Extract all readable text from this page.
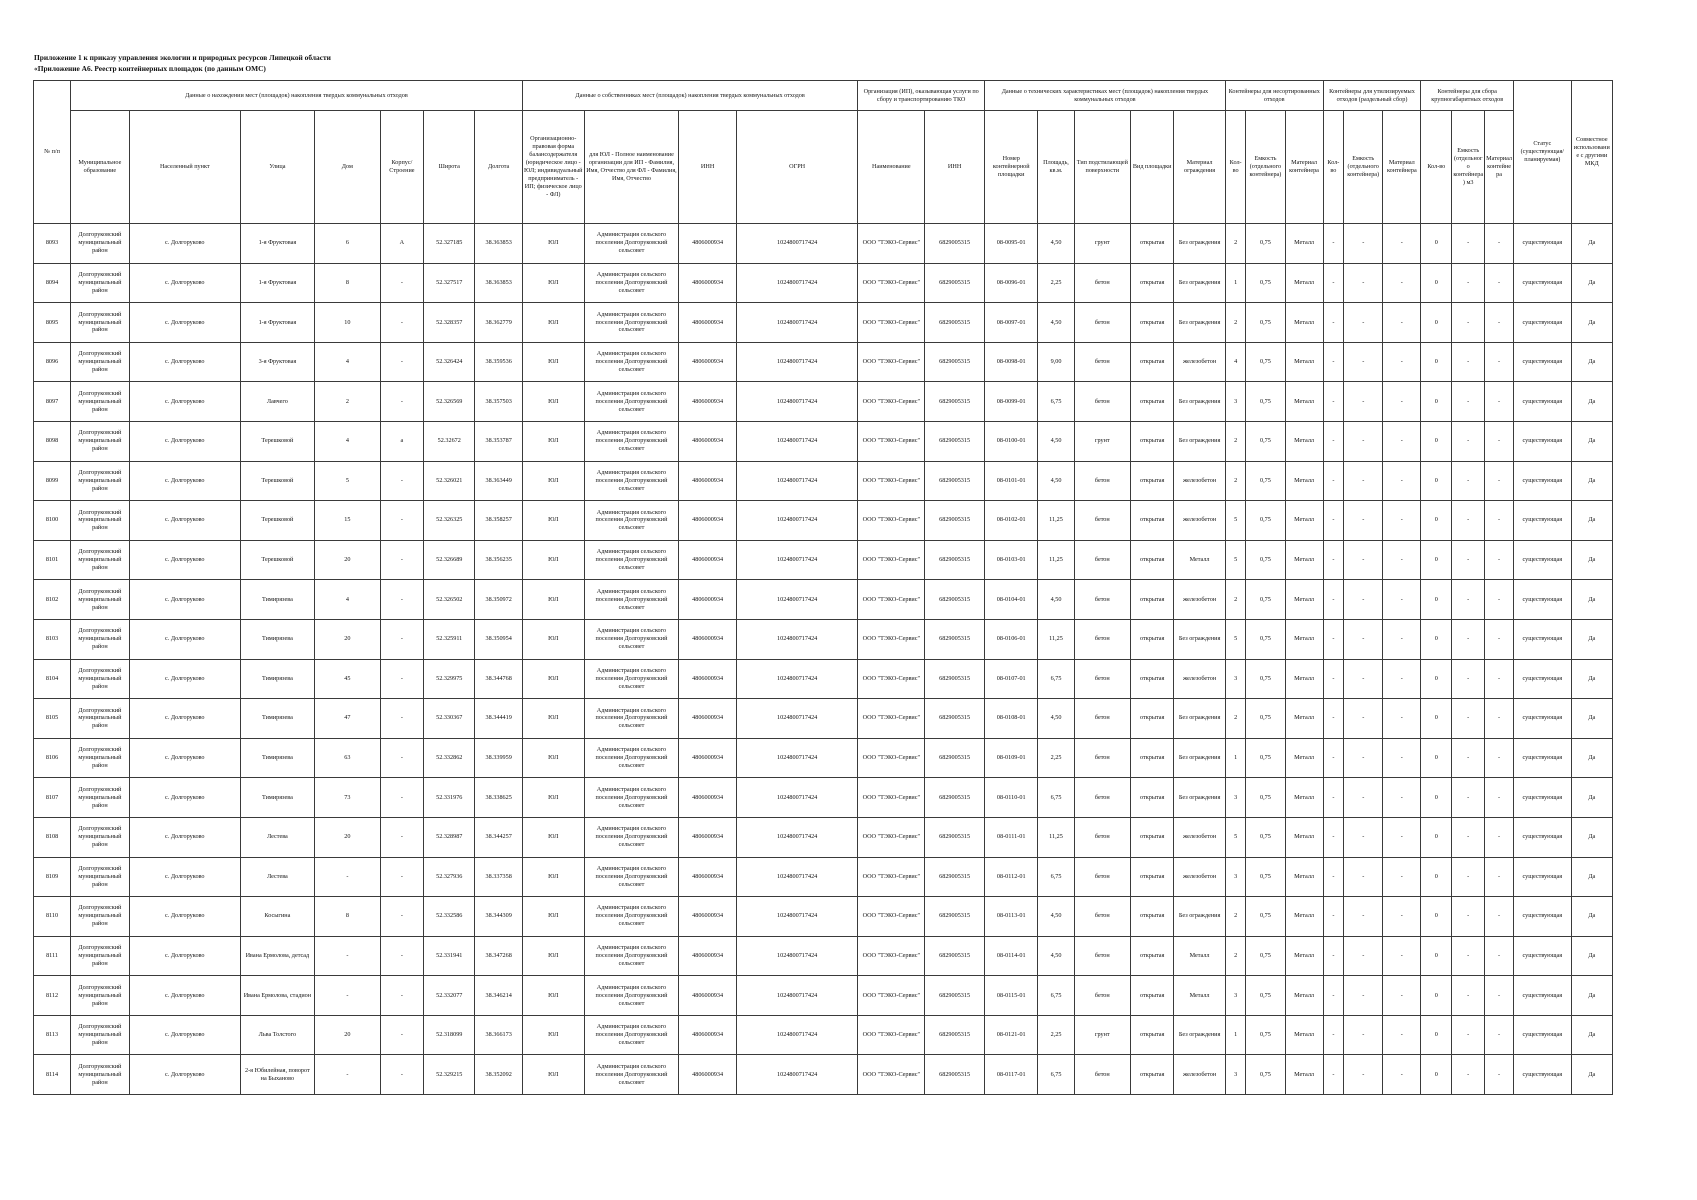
Приложение 1 к приказу управления экологии и природных ресурсов Липецкой области
«Приложение А6. Реестр контейнерных площадок (по данным ОМС)
№ п/п	Данные о нахождении мест (площадок) накопления твердых коммунальных отходов							Данные о собственниках мест (площадок) накопления твердых коммунальных отходов				Организация (ИП), оказывающая услуги по сбору и транспортированию ТКО		Данные о технических характеристиках мест (площадок) накопления твердых коммунальных отходов					Контейнеры для несортированных отходов			Контейнеры для утилизируемых отходов (раздельный сбор)			Контейнеры для сбора крупногабаритных отходов			Статус (существующая/планируемая)	Совместное использование с другими МКД
	Муниципальное образование	Населенный пункт	Улица	Дом	Корпус/Строение	Широта	Долгота	Организационно-правовая форма балансодержателя (юридическое лицо - ЮЛ; индивидуальный предприниматель - ИП; физическое лицо - ФЛ)	для ЮЛ - Полное наименование организации для ИП - Фамилия, Имя, Отчество для ФЛ - Фамилия, Имя, Отчество	ИНН	ОГРН	Наименование	ИНН	Номер контейнерной площадки	Площадь, кв.м.	Тип подстилающей поверхности	Вид площадки	Материал ограждения	Кол-во	Емкость (отдельного контейнера)	Материал контейнера	Кол-во	Емкость (отдельного контейнера)	Материал контейнера	Кол-во	Емкость (отдельного контейнера) м3	Материал контейнера		
8093	Долгоруковский муниципальный район	с. Долгоруково	1-я Фруктовая	6	А	52.327185	38.363853	ЮЛ	Администрация сельского поселения Долгоруковский сельсовет	4806000934	1024800717424	ООО "ТЭКО-Сервис"	6829005315	08-0095-01	4,50	грунт	открытая	Без ограждения	2	0,75	Металл	-	-	-	0	-	-	существующая	Да
8094	Долгоруковский муниципальный район	с. Долгоруково	1-я Фруктовая	8	-	52.327517	38.363853	ЮЛ	Администрация сельского поселения Долгоруковский сельсовет	4806000934	1024800717424	ООО "ТЭКО-Сервис"	6829005315	08-0096-01	2,25	бетон	открытая	Без ограждения	1	0,75	Металл	-	-	-	0	-	-	существующая	Да
8095	Долгоруковский муниципальный район	с. Долгоруково	1-я Фруктовая	10	-	52.328357	38.362779	ЮЛ	Администрация сельского поселения Долгоруковский сельсовет	4806000934	1024800717424	ООО "ТЭКО-Сервис"	6829005315	08-0097-01	4,50	бетон	открытая	Без ограждения	2	0,75	Металл	-	-	-	0	-	-	существующая	Да
8096	Долгоруковский муниципальный район	с. Долгоруково	3-я Фруктовая	4	-	52.326424	38.359536	ЮЛ	Администрация сельского поселения Долгоруковский сельсовет	4806000934	1024800717424	ООО "ТЭКО-Сервис"	6829005315	08-0098-01	9,00	бетон	открытая	железобетон	4	0,75	Металл	-	-	-	0	-	-	существующая	Да
8097	Долгоруковский муниципальный район	с. Долгоруково	Лавчего	2	-	52.326569	38.357503	ЮЛ	Администрация сельского поселения Долгоруковский сельсовет	4806000934	1024800717424	ООО "ТЭКО-Сервис"	6829005315	08-0099-01	6,75	бетон	открытая	Без ограждения	3	0,75	Металл	-	-	-	0	-	-	существующая	Да
8098	Долгоруковский муниципальный район	с. Долгоруково	Терешковой	4	а	52.32672	38.353787	ЮЛ	Администрация сельского поселения Долгоруковский сельсовет	4806000934	1024800717424	ООО "ТЭКО-Сервис"	6829005315	08-0100-01	4,50	грунт	открытая	Без ограждения	2	0,75	Металл	-	-	-	0	-	-	существующая	Да
8099	Долгоруковский муниципальный район	с. Долгоруково	Терешковой	5	-	52.326021	38.363449	ЮЛ	Администрация сельского поселения Долгоруковский сельсовет	4806000934	1024800717424	ООО "ТЭКО-Сервис"	6829005315	08-0101-01	4,50	бетон	открытая	железобетон	2	0,75	Металл	-	-	-	0	-	-	существующая	Да
8100	Долгоруковский муниципальный район	с. Долгоруково	Терешковой	15	-	52.326325	38.358257	ЮЛ	Администрация сельского поселения Долгоруковский сельсовет	4806000934	1024800717424	ООО "ТЭКО-Сервис"	6829005315	08-0102-01	11,25	бетон	открытая	железобетон	5	0,75	Металл	-	-	-	0	-	-	существующая	Да
8101	Долгоруковский муниципальный район	с. Долгоруково	Терешковой	20	-	52.326689	38.356235	ЮЛ	Администрация сельского поселения Долгоруковский сельсовет	4806000934	1024800717424	ООО "ТЭКО-Сервис"	6829005315	08-0103-01	11,25	бетон	открытая	Металл	5	0,75	Металл	-	-	-	0	-	-	существующая	Да
8102	Долгоруковский муниципальный район	с. Долгоруково	Тимирязева	4	-	52.326502	38.350972	ЮЛ	Администрация сельского поселения Долгоруковский сельсовет	4806000934	1024800717424	ООО "ТЭКО-Сервис"	6829005315	08-0104-01	4,50	бетон	открытая	железобетон	2	0,75	Металл	-	-	-	0	-	-	существующая	Да
8103	Долгоруковский муниципальный район	с. Долгоруково	Тимирязева	20	-	52.325911	38.350954	ЮЛ	Администрация сельского поселения Долгоруковский сельсовет	4806000934	1024800717424	ООО "ТЭКО-Сервис"	6829005315	08-0106-01	11,25	бетон	открытая	Без ограждения	5	0,75	Металл	-	-	-	0	-	-	существующая	Да
8104	Долгоруковский муниципальный район	с. Долгоруково	Тимирязева	45	-	52.329975	38.344768	ЮЛ	Администрация сельского поселения Долгоруковский сельсовет	4806000934	1024800717424	ООО "ТЭКО-Сервис"	6829005315	08-0107-01	6,75	бетон	открытая	железобетон	3	0,75	Металл	-	-	-	0	-	-	существующая	Да
8105	Долгоруковский муниципальный район	с. Долгоруково	Тимирязева	47	-	52.330367	38.344419	ЮЛ	Администрация сельского поселения Долгоруковский сельсовет	4806000934	1024800717424	ООО "ТЭКО-Сервис"	6829005315	08-0108-01	4,50	бетон	открытая	Без ограждения	2	0,75	Металл	-	-	-	0	-	-	существующая	Да
8106	Долгоруковский муниципальный район	с. Долгоруково	Тимирязева	63	-	52.332862	38.339959	ЮЛ	Администрация сельского поселения Долгоруковский сельсовет	4806000934	1024800717424	ООО "ТЭКО-Сервис"	6829005315	08-0109-01	2,25	бетон	открытая	Без ограждения	1	0,75	Металл	-	-	-	0	-	-	существующая	Да
8107	Долгоруковский муниципальный район	с. Долгоруково	Тимирязева	73	-	52.331976	38.338625	ЮЛ	Администрация сельского поселения Долгоруковский сельсовет	4806000934	1024800717424	ООО "ТЭКО-Сервис"	6829005315	08-0110-01	6,75	бетон	открытая	Без ограждения	3	0,75	Металл	-	-	-	0	-	-	существующая	Да
8108	Долгоруковский муниципальный район	с. Долгоруково	Лестева	20	-	52.328987	38.344257	ЮЛ	Администрация сельского поселения Долгоруковский сельсовет	4806000934	1024800717424	ООО "ТЭКО-Сервис"	6829005315	08-0111-01	11,25	бетон	открытая	железобетон	5	0,75	Металл	-	-	-	0	-	-	существующая	Да
8109	Долгоруковский муниципальный район	с. Долгоруково	Лестева	-	-	52.327936	38.337358	ЮЛ	Администрация сельского поселения Долгоруковский сельсовет	4806000934	1024800717424	ООО "ТЭКО-Сервис"	6829005315	08-0112-01	6,75	бетон	открытая	железобетон	3	0,75	Металл	-	-	-	0	-	-	существующая	Да
8110	Долгоруковский муниципальный район	с. Долгоруково	Косыгина	8	-	52.332586	38.344309	ЮЛ	Администрация сельского поселения Долгоруковский сельсовет	4806000934	1024800717424	ООО "ТЭКО-Сервис"	6829005315	08-0113-01	4,50	бетон	открытая	Без ограждения	2	0,75	Металл	-	-	-	0	-	-	существующая	Да
8111	Долгоруковский муниципальный район	с. Долгоруково	Ивана Ермолова, детсад	-	-	52.331941	38.347268	ЮЛ	Администрация сельского поселения Долгоруковский сельсовет	4806000934	1024800717424	ООО "ТЭКО-Сервис"	6829005315	08-0114-01	4,50	бетон	открытая	Металл	2	0,75	Металл	-	-	-	0	-	-	существующая	Да
8112	Долгоруковский муниципальный район	с. Долгоруково	Ивана Ермолова, стадион	-	-	52.332077	38.346214	ЮЛ	Администрация сельского поселения Долгоруковский сельсовет	4806000934	1024800717424	ООО "ТЭКО-Сервис"	6829005315	08-0115-01	6,75	бетон	открытая	Металл	3	0,75	Металл	-	-	-	0	-	-	существующая	Да
8113	Долгоруковский муниципальный район	с. Долгоруково	Льва Толстого	20	-	52.318099	38.366173	ЮЛ	Администрация сельского поселения Долгоруковский сельсовет	4806000934	1024800717424	ООО "ТЭКО-Сервис"	6829005315	08-0121-01	2,25	грунт	открытая	Без ограждения	1	0,75	Металл	-	-	-	0	-	-	существующая	Да
8114	Долгоруковский муниципальный район	с. Долгоруково	2-я Юбилейная, поворот на Быханово	-	-	52.329215	38.352092	ЮЛ	Администрация сельского поселения Долгоруковский сельсовет	4806000934	1024800717424	ООО "ТЭКО-Сервис"	6829005315	08-0117-01	6,75	бетон	открытая	железобетон	3	0,75	Металл	-	-	-	0	-	-	существующая	Да
